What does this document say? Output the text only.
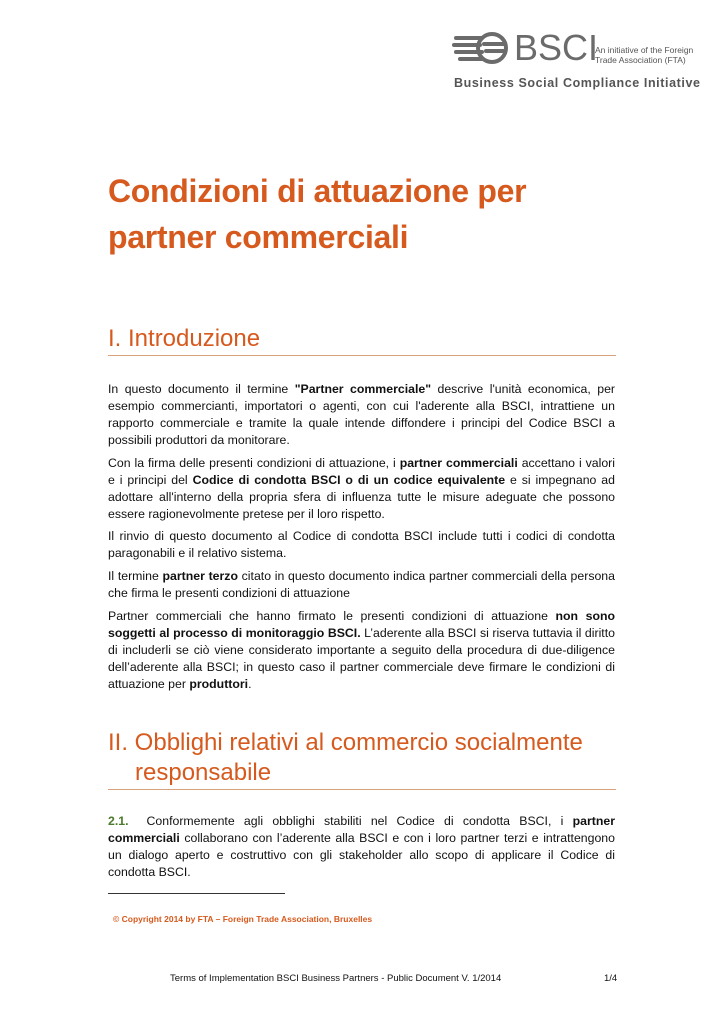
BSCI
An initiative of the Foreign
Trade Association (FTA)
Business Social Compliance Initiative
Condizioni di attuazione per partner commerciali
I. Introduzione
In questo documento il termine "Partner commerciale" descrive l'unità economica, per esempio commercianti, importatori o agenti, con cui l'aderente alla BSCI, intrattiene un rapporto commerciale e tramite la quale intende diffondere i principi del Codice BSCI a possibili produttori da monitorare.
Con la firma delle presenti condizioni di attuazione, i partner commerciali accettano i valori e i principi del Codice di condotta BSCI o di un codice equivalente e si impegnano ad adottare all'interno della propria sfera di influenza tutte le misure adeguate che possono essere ragionevolmente pretese per il loro rispetto.
Il rinvio di questo documento al Codice di condotta BSCI include tutti i codici di condotta paragonabili e il relativo sistema.
Il termine partner terzo citato in questo documento indica partner commerciali della persona che firma le presenti condizioni di attuazione
Partner commerciali che hanno firmato le presenti condizioni di attuazione non sono soggetti al processo di monitoraggio BSCI. L’aderente alla BSCI si riserva tuttavia il diritto di includerli se ciò viene considerato importante a seguito della procedura di due-diligence dell’aderente alla BSCI; in questo caso il partner commerciale deve firmare le condizioni di attuazione per produttori.
II. Obblighi relativi al commercio socialmente
responsabile
2.1. Conformemente agli obblighi stabiliti nel Codice di condotta BSCI, i partner commerciali collaborano con l’aderente alla BSCI e con i loro partner terzi e intrattengono un dialogo aperto e costruttivo con gli stakeholder allo scopo di applicare il Codice di condotta BSCI.
© Copyright 2014 by FTA – Foreign Trade Association, Bruxelles
Terms of Implementation BSCI Business Partners - Public Document V. 1/2014	1/4
